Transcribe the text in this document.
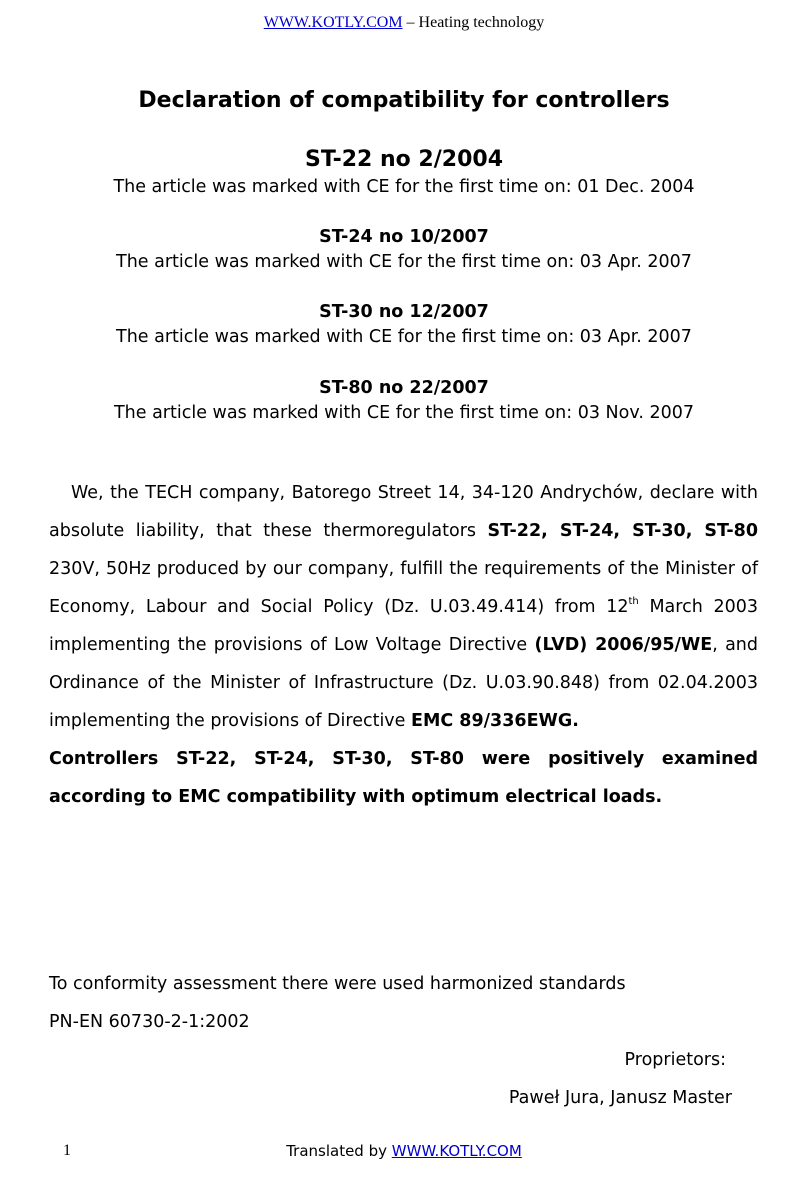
WWW.KOTLY.COM – Heating technology
Declaration of compatibility for controllers
ST-22 no 2/2004
The article was marked with CE for the first time on: 01 Dec. 2004
ST-24 no 10/2007
The article was marked with CE for the first time on: 03 Apr. 2007
ST-30 no 12/2007
The article was marked with CE for the first time on: 03 Apr. 2007
ST-80 no 22/2007
The article was marked with CE for the first time on: 03 Nov. 2007

We, the TECH company, Batorego Street 14, 34-120 Andrychów, declare with absolute liability, that these thermoregulators ST-22, ST-24, ST-30, ST-80 230V, 50Hz produced by our company, fulfill the requirements of the Minister of Economy, Labour and Social Policy (Dz. U.03.49.414) from 12th March 2003 implementing the provisions of Low Voltage Directive (LVD) 2006/95/WE, and Ordinance of the Minister of Infrastructure (Dz. U.03.90.848) from 02.04.2003 implementing the provisions of Directive EMC 89/336EWG.

Controllers ST-22, ST-24, ST-30, ST-80 were positively examined according to EMC compatibility with optimum electrical loads.

To conformity assessment there were used harmonized standards
PN-EN 60730-2-1:2002
Proprietors:
Paweł Jura, Janusz Master
1	Translated by WWW.KOTLY.COM
